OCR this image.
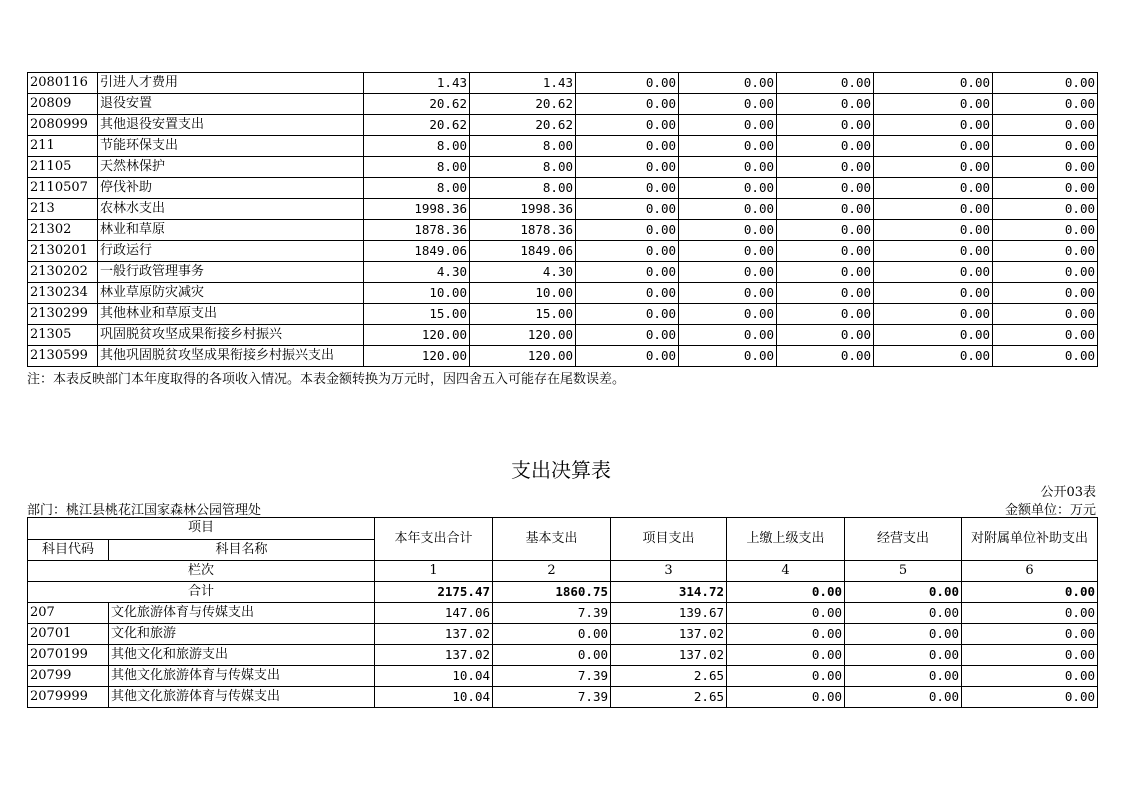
2080116	引进人才费用	1.43	1.43	0.00	0.00	0.00	0.00	0.00
20809	退役安置	20.62	20.62	0.00	0.00	0.00	0.00	0.00
2080999	其他退役安置支出	20.62	20.62	0.00	0.00	0.00	0.00	0.00
211	节能环保支出	8.00	8.00	0.00	0.00	0.00	0.00	0.00
21105	天然林保护	8.00	8.00	0.00	0.00	0.00	0.00	0.00
2110507	停伐补助	8.00	8.00	0.00	0.00	0.00	0.00	0.00
213	农林水支出	1998.36	1998.36	0.00	0.00	0.00	0.00	0.00
21302	林业和草原	1878.36	1878.36	0.00	0.00	0.00	0.00	0.00
2130201	行政运行	1849.06	1849.06	0.00	0.00	0.00	0.00	0.00
2130202	一般行政管理事务	4.30	4.30	0.00	0.00	0.00	0.00	0.00
2130234	林业草原防灾减灾	10.00	10.00	0.00	0.00	0.00	0.00	0.00
2130299	其他林业和草原支出	15.00	15.00	0.00	0.00	0.00	0.00	0.00
21305	巩固脱贫攻坚成果衔接乡村振兴	120.00	120.00	0.00	0.00	0.00	0.00	0.00
2130599	其他巩固脱贫攻坚成果衔接乡村振兴支出	120.00	120.00	0.00	0.00	0.00	0.00	0.00
注：本表反映部门本年度取得的各项收入情况。本表金额转换为万元时，因四舍五入可能存在尾数误差。
支出决算表
公开03表
部门：桃江县桃花江国家森林公园管理处	金额单位：万元
项目		本年支出合计	基本支出	项目支出	上缴上级支出	经营支出	对附属单位补助支出
科目代码	科目名称						
栏次		1	2	3	4	5	6
合计		2175.47	1860.75	314.72	0.00	0.00	0.00
207	文化旅游体育与传媒支出	147.06	7.39	139.67	0.00	0.00	0.00
20701	文化和旅游	137.02	0.00	137.02	0.00	0.00	0.00
2070199	其他文化和旅游支出	137.02	0.00	137.02	0.00	0.00	0.00
20799	其他文化旅游体育与传媒支出	10.04	7.39	2.65	0.00	0.00	0.00
2079999	其他文化旅游体育与传媒支出	10.04	7.39	2.65	0.00	0.00	0.00
